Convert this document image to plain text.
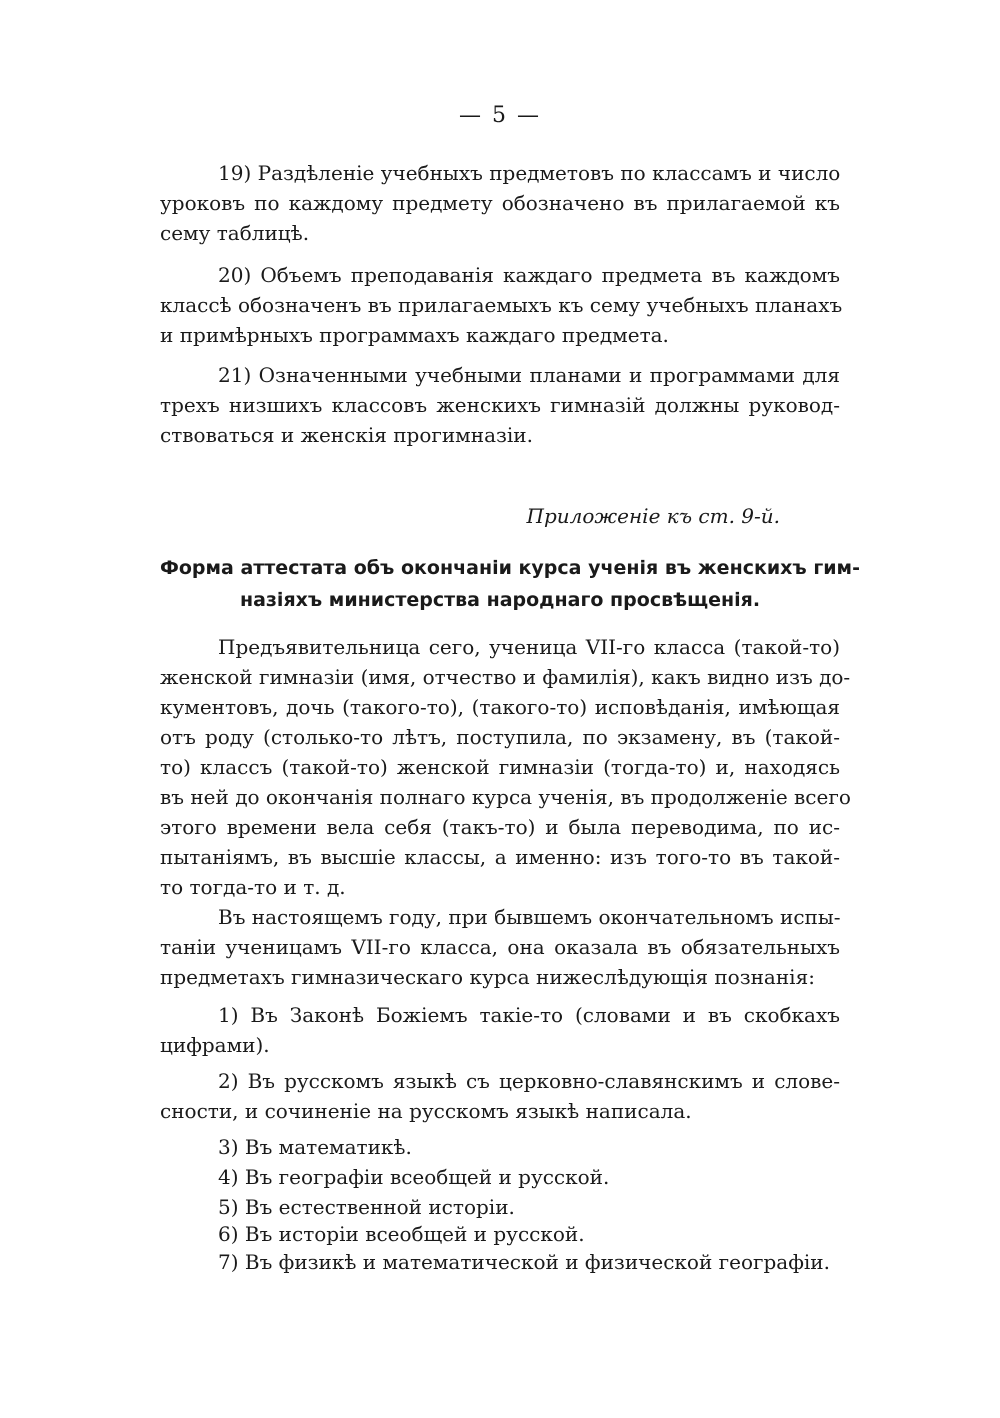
— 5 —

19) Раздѣленіе учебныхъ предметовъ по классамъ и число
уроковъ по каждому предмету обозначено въ прилагаемой къ
сему таблицѣ.

20) Объемъ преподаванія каждаго предмета въ каждомъ
классѣ обозначенъ въ прилагаемыхъ къ сему учебныхъ планахъ
и примѣрныхъ программахъ каждаго предмета.

21) Означенными учебными планами и программами для
трехъ низшихъ классовъ женскихъ гимназій должны руковод-
ствоваться и женскія прогимназіи.

Приложеніе къ ст. 9-й.

Форма аттестата объ окончаніи курса ученія въ женскихъ гим-
назіяхъ министерства народнаго просвѣщенія.

Предъявительница сего, ученица VII-го класса (такой-то)
женской гимназіи (имя, отчество и фамилія), какъ видно изъ до-
кументовъ, дочь (такого-то), (такого-то) исповѣданія, имѣющая
отъ роду (столько-то лѣтъ, поступила, по экзамену, въ (такой-
то) классъ (такой-то) женской гимназіи (тогда-то) и, находясь
въ ней до окончанія полнаго курса ученія, въ продолженіе всего
этого времени вела себя (такъ-то) и была переводима, по ис-
пытаніямъ, въ высшіе классы, а именно: изъ того-то въ такой-
то тогда-то и т. д.

Въ настоящемъ году, при бывшемъ окончательномъ испы-
таніи ученицамъ VII-го класса, она оказала въ обязательныхъ
предметахъ гимназическаго курса нижеслѣдующія познанія:

1) Въ Законѣ Божіемъ такіе-то (словами и въ скобкахъ
цифрами).

2) Въ русскомъ языкѣ съ церковно-славянскимъ и слове-
сности, и сочиненіе на русскомъ языкѣ написала.

3) Въ математикѣ.
4) Въ географіи всеобщей и русской.
5) Въ естественной исторіи.
6) Въ исторіи всеобщей и русской.
7) Въ физикѣ и математической и физической географіи.
